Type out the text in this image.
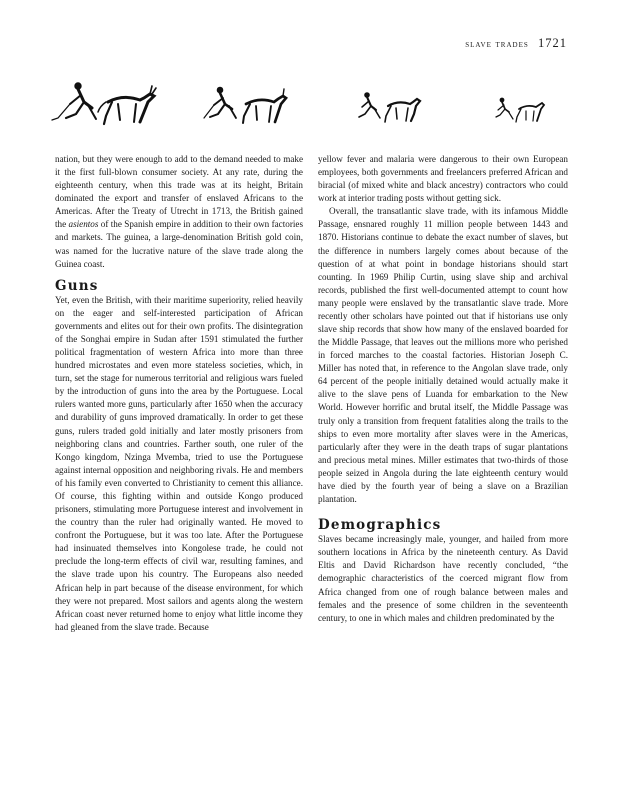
slave trades 1721

nation, but they were enough to add to the demand needed to make it the first full-blown consumer society. At any rate, during the eighteenth century, when this trade was at its height, Britain dominated the export and transfer of enslaved Africans to the Americas. After the Treaty of Utrecht in 1713, the British gained the asientos of the Spanish empire in addition to their own factories and markets. The guinea, a large-denomination British gold coin, was named for the lucrative nature of the slave trade along the Guinea coast.

Guns

Yet, even the British, with their maritime superiority, relied heavily on the eager and self-interested participation of African governments and elites out for their own profits. The disintegration of the Songhai empire in Sudan after 1591 stimulated the further political fragmentation of western Africa into more than three hundred microstates and even more stateless societies, which, in turn, set the stage for numerous territorial and religious wars fueled by the introduction of guns into the area by the Portuguese. Local rulers wanted more guns, particularly after 1650 when the accuracy and durability of guns improved dramatically. In order to get these guns, rulers traded gold initially and later mostly prisoners from neighboring clans and countries. Farther south, one ruler of the Kongo kingdom, Nzinga Mvemba, tried to use the Portuguese against internal opposition and neighboring rivals. He and members of his family even converted to Christianity to cement this alliance. Of course, this fighting within and outside Kongo produced prisoners, stimulating more Portuguese interest and involvement in the country than the ruler had originally wanted. He moved to confront the Portuguese, but it was too late. After the Portuguese had insinuated themselves into Kongolese trade, he could not preclude the long-term effects of civil war, resulting famines, and the slave trade upon his country. The Europeans also needed African help in part because of the disease environment, for which they were not prepared. Most sailors and agents along the western African coast never returned home to enjoy what little income they had gleaned from the slave trade. Because

yellow fever and malaria were dangerous to their own European employees, both governments and freelancers preferred African and biracial (of mixed white and black ancestry) contractors who could work at interior trading posts without getting sick.

Overall, the transatlantic slave trade, with its infamous Middle Passage, ensnared roughly 11 million people between 1443 and 1870. Historians continue to debate the exact number of slaves, but the difference in numbers largely comes about because of the question of at what point in bondage historians should start counting. In 1969 Philip Curtin, using slave ship and archival records, published the first well-documented attempt to count how many people were enslaved by the transatlantic slave trade. More recently other scholars have pointed out that if historians use only slave ship records that show how many of the enslaved boarded for the Middle Passage, that leaves out the millions more who perished in forced marches to the coastal factories. Historian Joseph C. Miller has noted that, in reference to the Angolan slave trade, only 64 percent of the people initially detained would actually make it alive to the slave pens of Luanda for embarkation to the New World. However horrific and brutal itself, the Middle Passage was truly only a transition from frequent fatalities along the trails to the ships to even more mortality after slaves were in the Americas, particularly after they were in the death traps of sugar plantations and precious metal mines. Miller estimates that two-thirds of those people seized in Angola during the late eighteenth century would have died by the fourth year of being a slave on a Brazilian plantation.

Demographics

Slaves became increasingly male, younger, and hailed from more southern locations in Africa by the nineteenth century. As David Eltis and David Richardson have recently concluded, “the demographic characteristics of the coerced migrant flow from Africa changed from one of rough balance between males and females and the presence of some children in the seventeenth century, to one in which males and children predominated by the
